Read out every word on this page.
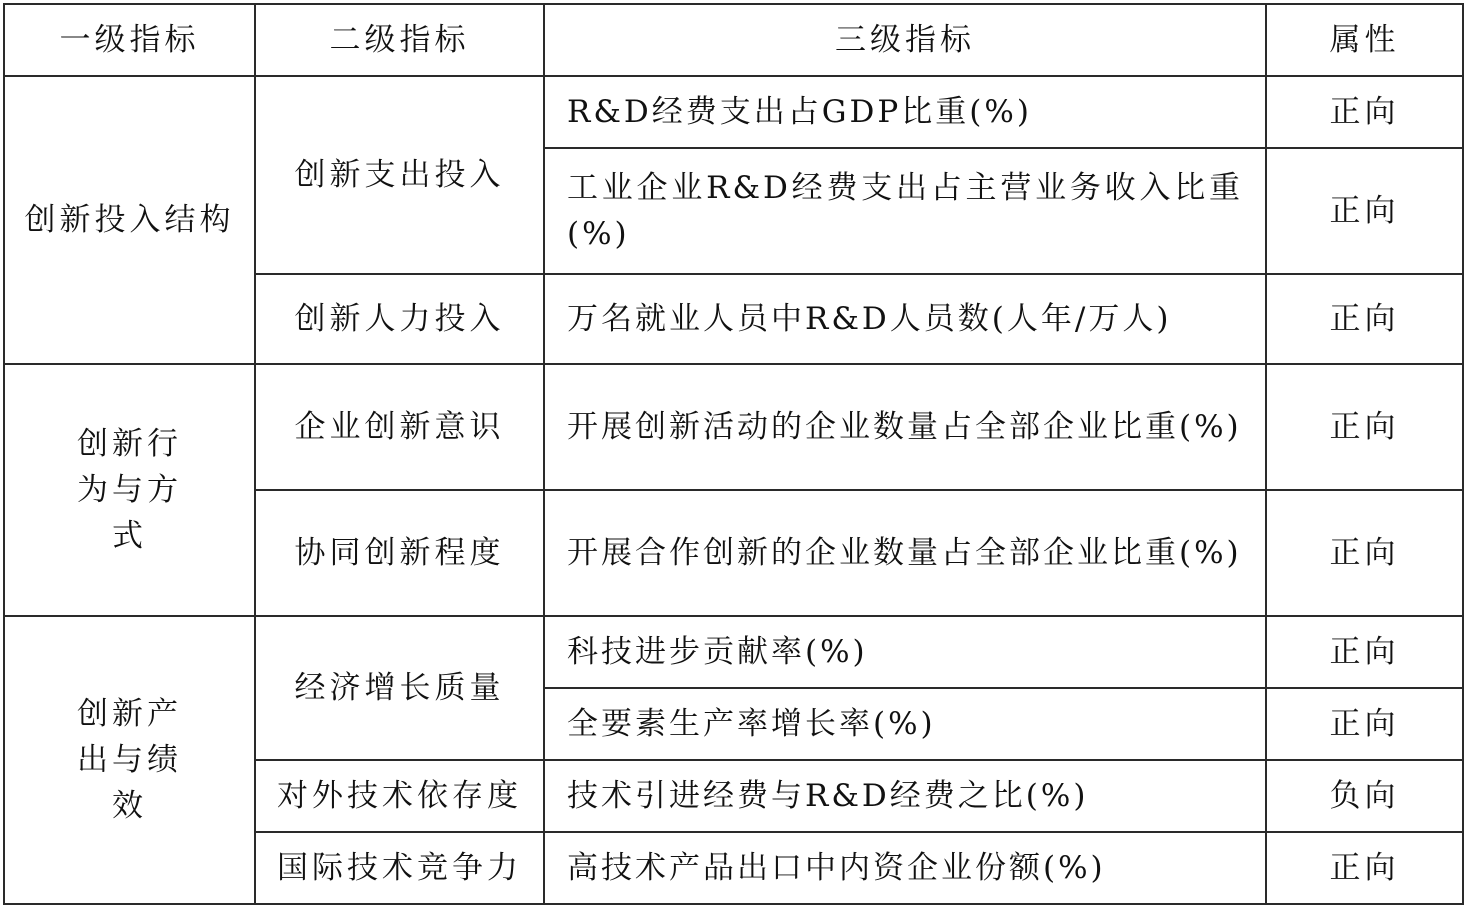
一级指标	二级指标	三级指标	属性
创新投入结构	创新支出投入	R&D经费支出占GDP比重(%)	正向
		工业企业R&D经费支出占主营业务收入比重(%)	正向
	创新人力投入	万名就业人员中R&D人员数(人年/万人)	正向

创新行为与方式	企业创新意识	开展创新活动的企业数量占全部企业比重(%)	正向
	协同创新程度	开展合作创新的企业数量占全部企业比重(%)	正向

创新产出与绩效	经济增长质量	科技进步贡献率(%)	正向
		全要素生产率增长率(%)	正向
	对外技术依存度	技术引进经费与R&D经费之比(%)	负向
	国际技术竞争力	高技术产品出口中内资企业份额(%)	正向
